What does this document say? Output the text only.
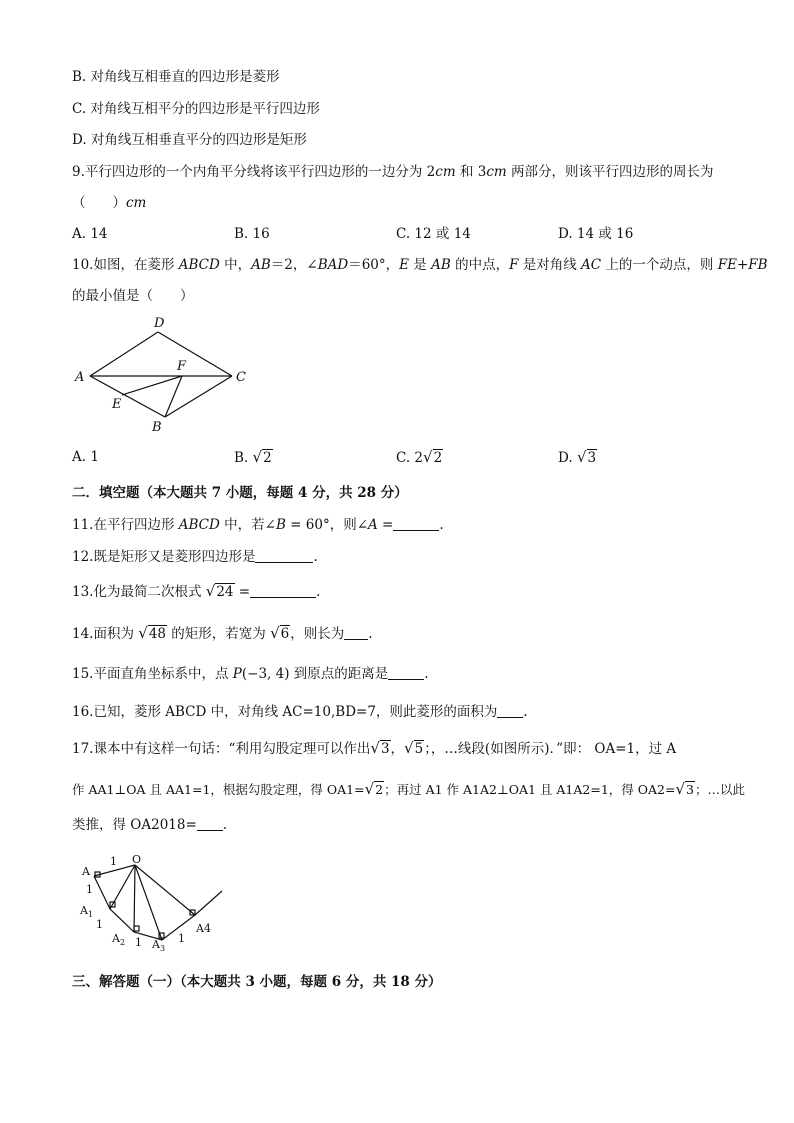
B. 对角线互相垂直的四边形是菱形
C. 对角线互相平分的四边形是平行四边形
D. 对角线互相垂直平分的四边形是矩形
9.平行四边形的一个内角平分线将该平行四边形的一边分为 2cm 和 3cm 两部分，则该平行四边形的周长为
（　　）cm
A. 14	B. 16	C. 12 或 14	D. 14 或 16
10.如图，在菱形 ABCD 中，AB＝2，∠BAD＝60°，E 是 AB 的中点，F 是对角线 AC 上的一个动点，则 FE+FB
的最小值是（　　）
D
A
F
C
E
B
A. 1	B. √2	C. 2√2	D. √3
二．填空题（本大题共 7 小题，每题 4 分，共 28 分）
11.在平行四边形 ABCD 中，若∠B = 60°，则∠A =	.
12.既是矩形又是菱形四边形是	.
13.化为最简二次根式 √24 =	.
14.面积为 √48 的矩形，若宽为 √6，则长为 .
15.平面直角坐标系中，点 P(−3, 4) 到原点的距离是	.
16.已知，菱形 ABCD 中，对角线 AC=10,BD=7，则此菱形的面积为 .
17.课本中有这样一句话：“利用勾股定理可以作出√3，√5；，…线段(如图所示)．”即： OA=1，过 A
作 AA1⊥OA 且 AA1=1，根据勾股定理，得 OA1=√2；再过 A1 作 A1A2⊥OA1 且 A1A2=1，得 OA2=√3；…以此
类推，得 OA2018= .
A
1 O
1
$A_1$
1
$A_2$ 1 $A_3$
1
A4
三、解答题（一）（本大题共 3 小题，每题 6 分，共 18 分）
